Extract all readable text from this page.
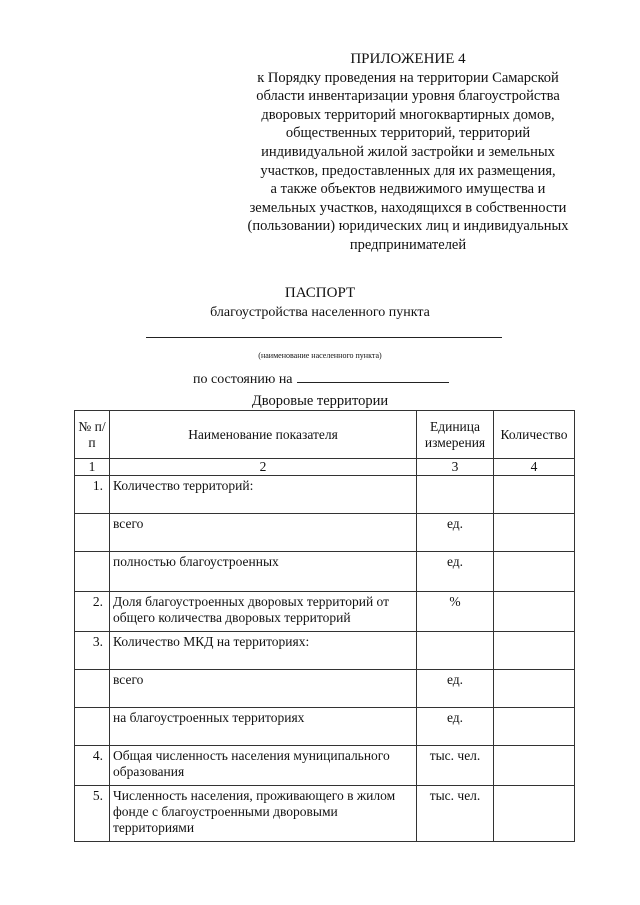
ПРИЛОЖЕНИЕ 4
к Порядку проведения на территории Самарской
области инвентаризации уровня благоустройства
дворовых территорий многоквартирных домов,
общественных территорий, территорий
индивидуальной жилой застройки и земельных
участков, предоставленных для их размещения,
а также объектов недвижимого имущества и
земельных участков, находящихся в собственности
(пользовании) юридических лиц и индивидуальных
предпринимателей
ПАСПОРТ
благоустройства населенного пункта
(наименование населенного пункта)
по состоянию на
Дворовые территории
№ п/п	Наименование показателя	Единица измерения	Количество
1	2	3	4
1.	Количество территорий:		
	всего	ед.	
	полностью благоустроенных	ед.	
2.	Доля благоустроенных дворовых территорий от общего количества дворовых территорий	%	
3.	Количество МКД на территориях:		
	всего	ед.	
	на благоустроенных территориях	ед.	
4.	Общая численность населения муниципального образования	тыс. чел.	
5.	Численность населения, проживающего в жилом фонде с благоустроенными дворовыми территориями	тыс. чел.	
